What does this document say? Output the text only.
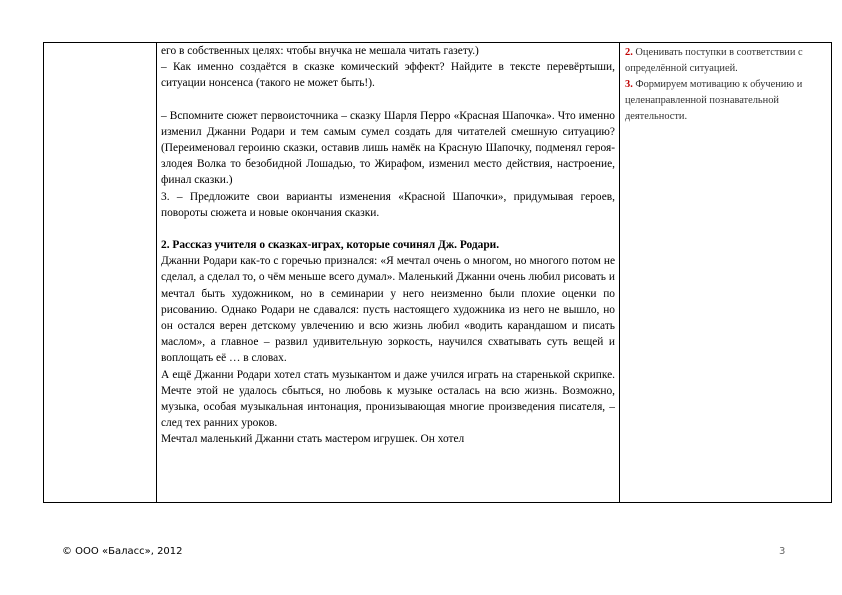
его в собственных целях: чтобы внучка не мешала читать газету.)

– Как именно создаётся в сказке комический эффект? Найдите в тексте перевёртыши, ситуации нонсенса (такого не может быть!).

– Вспомните сюжет первоисточника – сказку Шарля Перро «Красная Шапочка». Что именно изменил Джанни Родари и тем самым сумел создать для читателей смешную ситуацию? (Переименовал героиню сказки, оставив лишь намёк на Красную Шапочку, подменял героя-злодея Волка то безобидной Лошадью, то Жирафом, изменил место действия, настроение, финал сказки.)

3. – Предложите свои варианты изменения «Красной Шапочки», придумывая героев, повороты сюжета и новые окончания сказки.

2. Рассказ учителя о сказках-играх, которые сочинял Дж. Родари.

Джанни Родари как-то с горечью признался: «Я мечтал очень о многом, но многого потом не сделал, а сделал то, о чём меньше всего думал». Маленький Джанни очень любил рисовать и мечтал быть художником, но в семинарии у него неизменно были плохие оценки по рисованию. Однако Родари не сдавался: пусть настоящего художника из него не вышло, но он остался верен детскому увлечению и всю жизнь любил «водить карандашом и писать маслом», а главное – развил удивительную зоркость, научился схватывать суть вещей и воплощать её … в словах.

А ещё Джанни Родари хотел стать музыкантом и даже учился играть на старенькой скрипке. Мечте этой не удалось сбыться, но любовь к музыке осталась на всю жизнь. Возможно, музыка, особая музыкальная интонация, пронизывающая многие произведения писателя, – след тех ранних уроков.

Мечтал маленький Джанни стать мастером игрушек. Он хотел

2. Оценивать поступки в соответствии с определённой ситуацией.

3. Формируем мотивацию к обучению и целенаправленной познавательной деятельности.

© ООО «Баласс», 2012	3
